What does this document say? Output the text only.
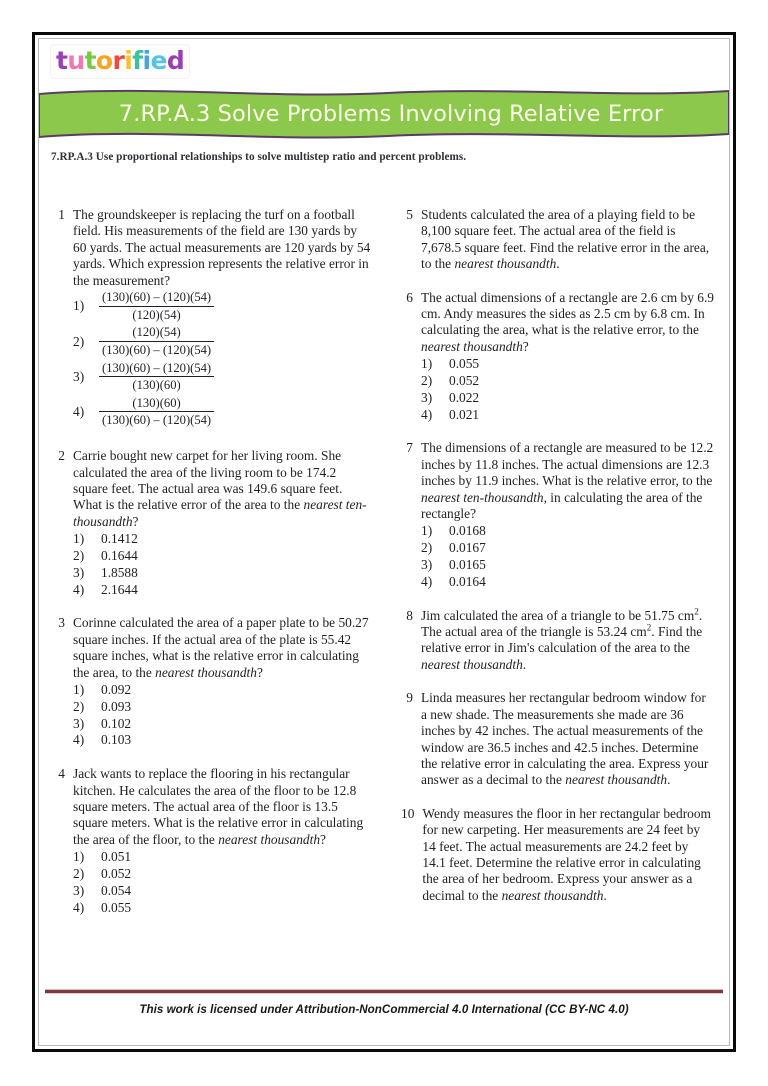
tutorified
7.RP.A.3 Solve Problems Involving Relative Error
7.RP.A.3 Use proportional relationships to solve multistep ratio and percent problems.
1 The groundskeeper is replacing the turf on a football field. His measurements of the field are 130 yards by 60 yards. The actual measurements are 120 yards by 54 yards. Which expression represents the relative error in the measurement?
1)	$\frac{(130)(60) - (120)(54)}{(120)(54)}$
2)	$\frac{(120)(54)}{(130)(60) - (120)(54)}$
3)	$\frac{(130)(60) - (120)(54)}{(130)(60)}$
4)	$\frac{(130)(60)}{(130)(60) - (120)(54)}$
2 Carrie bought new carpet for her living room. She calculated the area of the living room to be 174.2 square feet. The actual area was 149.6 square feet. What is the relative error of the area to the nearest ten-thousandth?
1)	0.1412
2)	0.1644
3)	1.8588
4)	2.1644
3 Corinne calculated the area of a paper plate to be 50.27 square inches. If the actual area of the plate is 55.42 square inches, what is the relative error in calculating the area, to the nearest thousandth?
1)	0.092
2)	0.093
3)	0.102
4)	0.103
4 Jack wants to replace the flooring in his rectangular kitchen. He calculates the area of the floor to be 12.8 square meters. The actual area of the floor is 13.5 square meters. What is the relative error in calculating the area of the floor, to the nearest thousandth?
1)	0.051
2)	0.052
3)	0.054
4)	0.055
5 Students calculated the area of a playing field to be 8,100 square feet. The actual area of the field is 7,678.5 square feet. Find the relative error in the area, to the nearest thousandth.
6 The actual dimensions of a rectangle are 2.6 cm by 6.9 cm. Andy measures the sides as 2.5 cm by 6.8 cm. In calculating the area, what is the relative error, to the nearest thousandth?
1)	0.055
2)	0.052
3)	0.022
4)	0.021
7 The dimensions of a rectangle are measured to be 12.2 inches by 11.8 inches. The actual dimensions are 12.3 inches by 11.9 inches. What is the relative error, to the nearest ten-thousandth, in calculating the area of the rectangle?
1)	0.0168
2)	0.0167
3)	0.0165
4)	0.0164
8 Jim calculated the area of a triangle to be 51.75 $cm^2$. The actual area of the triangle is 53.24 $cm^2$. Find the relative error in Jim's calculation of the area to the nearest thousandth.
9 Linda measures her rectangular bedroom window for a new shade. The measurements she made are 36 inches by 42 inches. The actual measurements of the window are 36.5 inches and 42.5 inches. Determine the relative error in calculating the area. Express your answer as a decimal to the nearest thousandth.
10 Wendy measures the floor in her rectangular bedroom for new carpeting. Her measurements are 24 feet by 14 feet. The actual measurements are 24.2 feet by 14.1 feet. Determine the relative error in calculating the area of her bedroom. Express your answer as a decimal to the nearest thousandth.
This work is licensed under Attribution-NonCommercial 4.0 International (CC BY-NC 4.0)
